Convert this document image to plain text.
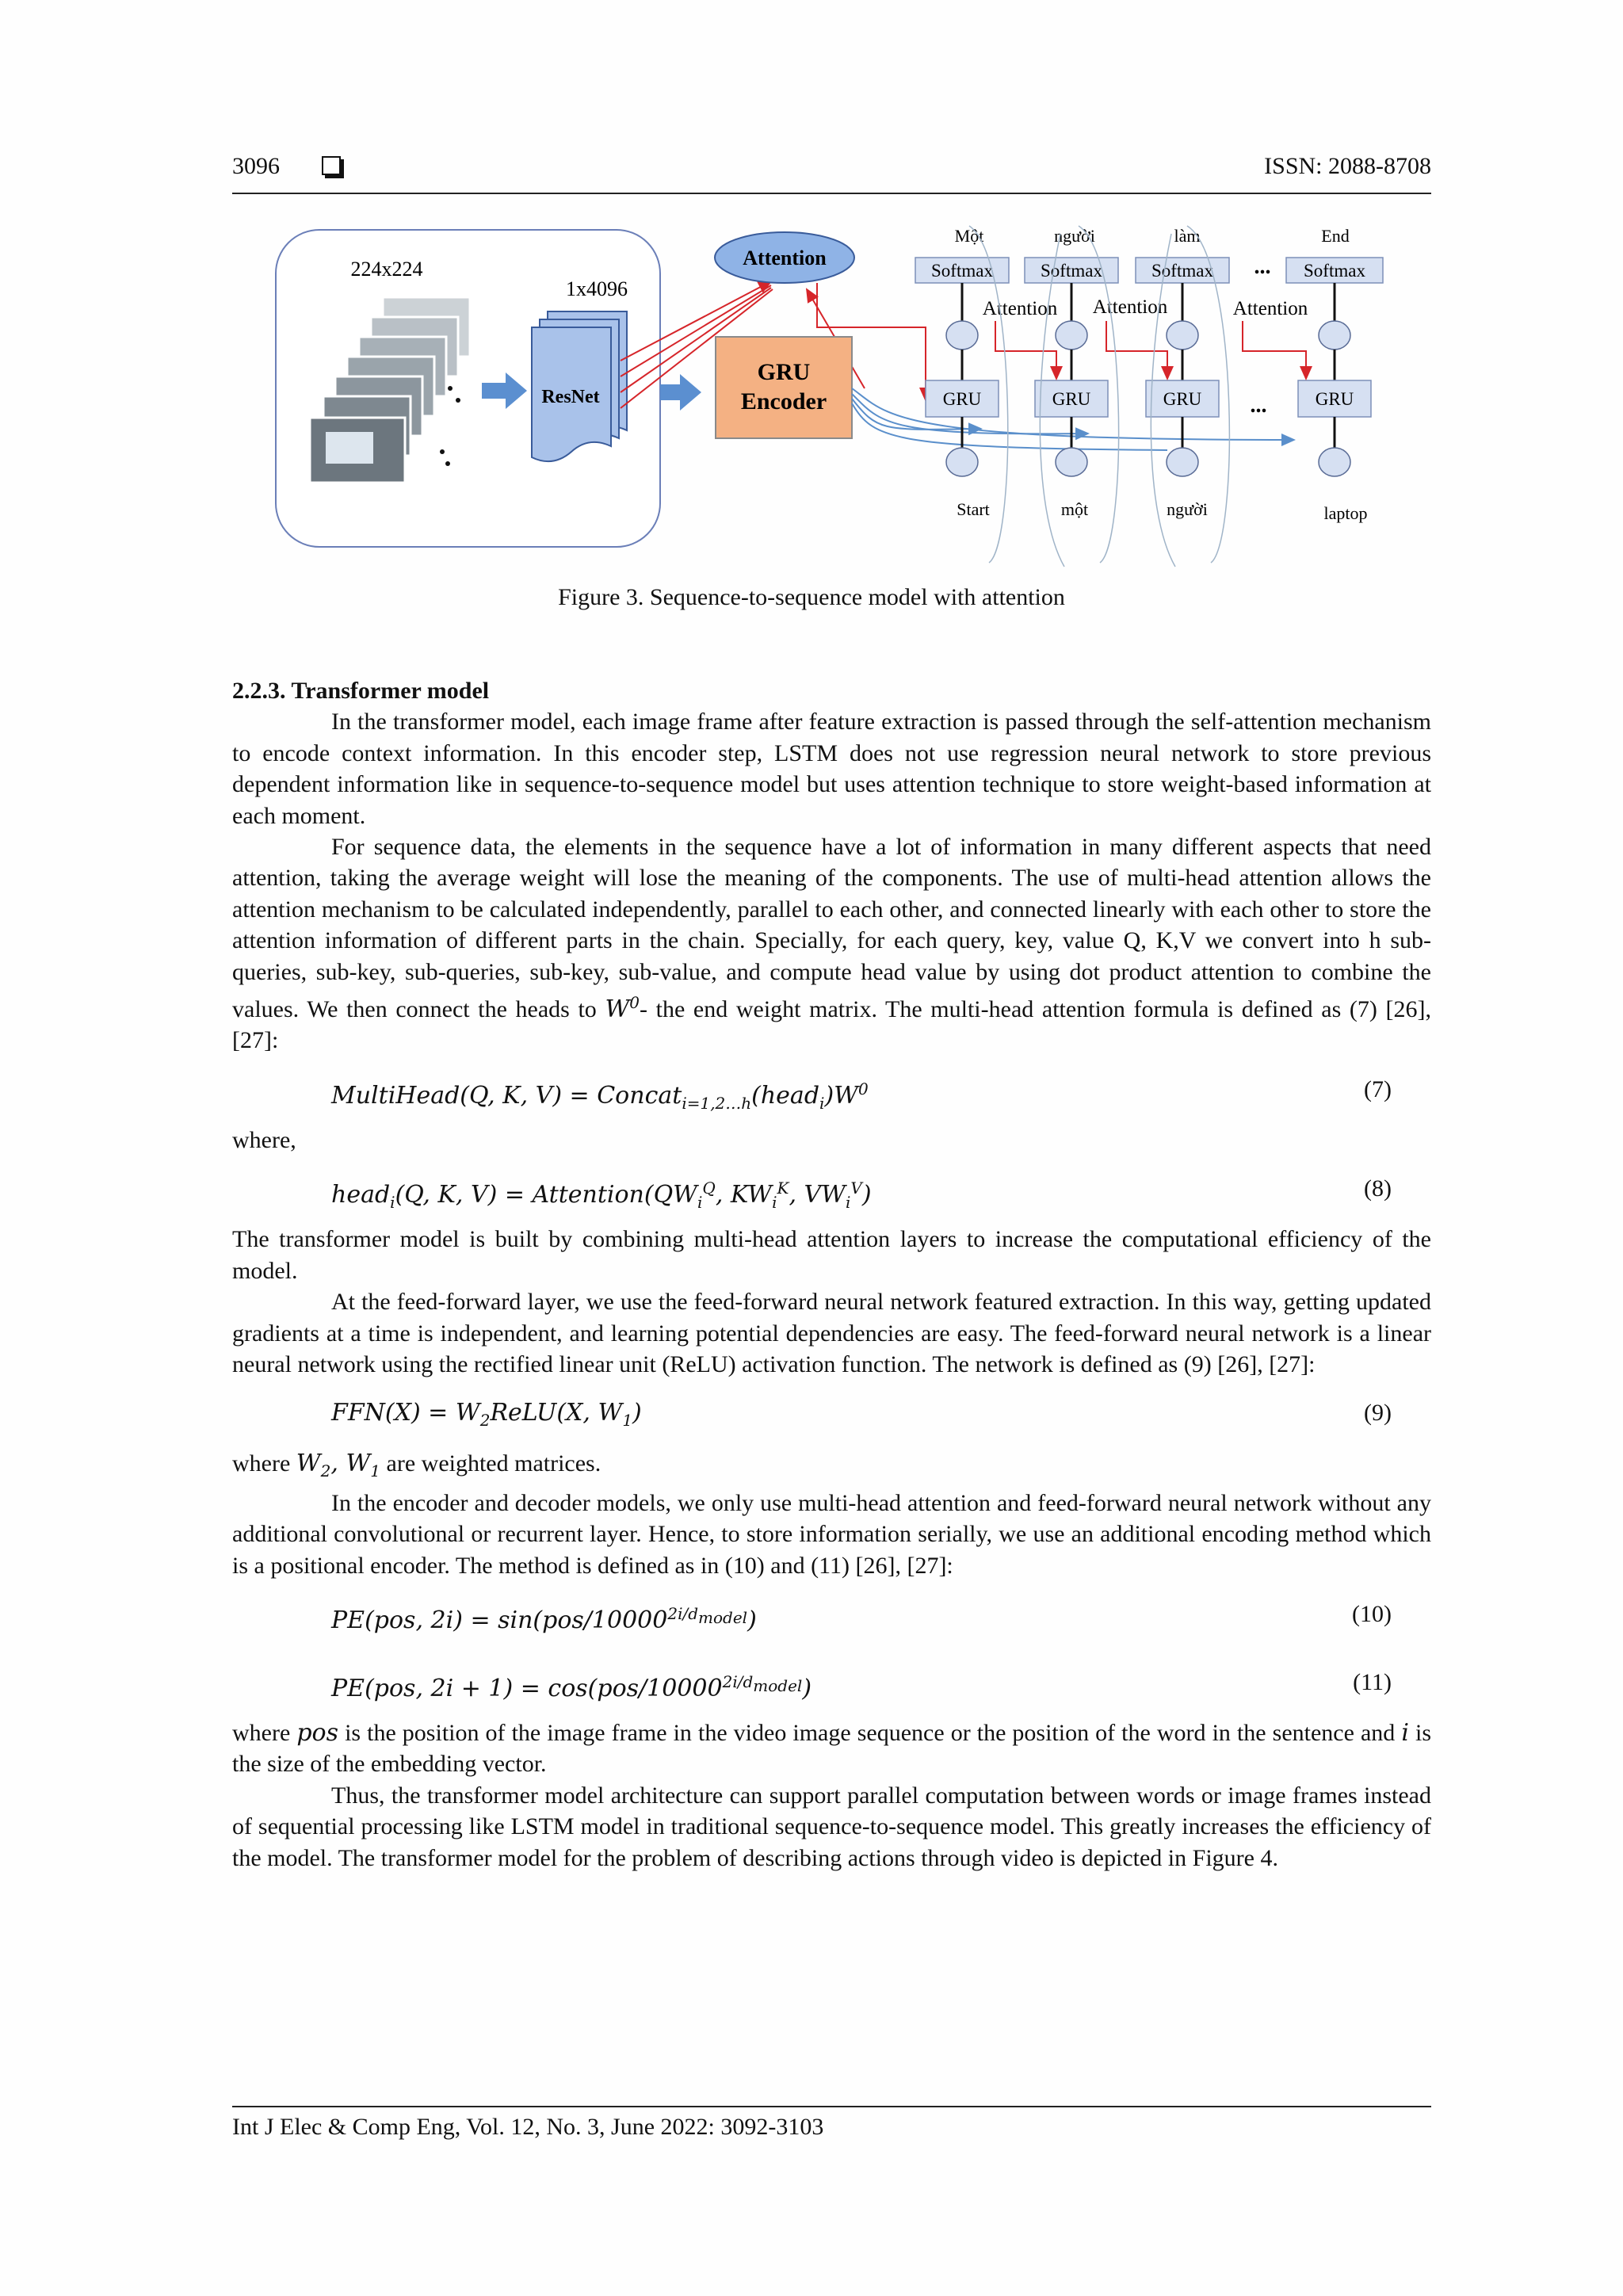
3096	ISSN: 2088-8708
224x224
1x4096
ResNet
Attention
GRU
Encoder
Một
Softmax
GRU
Start
người
Softmax
GRU
một
làm
Softmax
GRU
người
End
Softmax
GRU
laptop
...
...
Attention Attention	Attention
Figure 3. Sequence-to-sequence model with attention
2.2.3. Transformer model

In the transformer model, each image frame after feature extraction is passed through the self-attention mechanism to encode context information. In this encoder step, LSTM does not use regression neural network to store previous dependent information like in sequence-to-sequence model but uses attention technique to store weight-based information at each moment.

For sequence data, the elements in the sequence have a lot of information in many different aspects that need attention, taking the average weight will lose the meaning of the components. The use of multi-head attention allows the attention mechanism to be calculated independently, parallel to each other, and connected linearly with each other to store the attention information of different parts in the chain. Specially, for each query, key, value Q, K,V we convert into h sub-queries, sub-key, sub-queries, sub-key, sub-value, and compute head value by using dot product attention to combine the values. We then connect the heads to $W^0-$ the end weight matrix. The multi-head attention formula is defined as (7) [26], [27]:

MultiHead(Q, K, $V) = Concat_{i=1,2\dots h}(head_i)W^0$	(7)

where,

head$_i$(Q, K, $V) = Attention(QW_i^Q$, $KW_i^K$, $VW_i^V$)	(8)

The transformer model is built by combining multi-head attention layers to increase the computational efficiency of the model.

At the feed-forward layer, we use the feed-forward neural network featured extraction. In this way, getting updated gradients at a time is independent, and learning potential dependencies are easy. The feed-forward neural network is a linear neural network using the rectified linear unit (ReLU) activation function. The network is defined as (9) [26], [27]:

$FFN(X) = W_2ReLU(X$, $W_1$)	(9)

where $W_2$, $W_1$ are weighted matrices.

In the encoder and decoder models, we only use multi-head attention and feed-forward neural network without any additional convolutional or recurrent layer. Hence, to store information serially, we use an additional encoding method which is a positional encoder. The method is defined as in (10) and (11) [26], [27]:

PE(pos, $2i) = \sin(pos/10000^{2i/d_{model}})$	(10)
PE(pos, $2i + 1) = \cos(pos/10000^{2i/d_{model}})$	(11)

where pos is the position of the image frame in the video image sequence or the position of the word in the sentence and i is the size of the embedding vector.

Thus, the transformer model architecture can support parallel computation between words or image frames instead of sequential processing like LSTM model in traditional sequence-to-sequence model. This greatly increases the efficiency of the model. The transformer model for the problem of describing actions through video is depicted in Figure 4.

Int J Elec & Comp Eng, Vol. 12, No. 3, June 2022: 3092-3103
